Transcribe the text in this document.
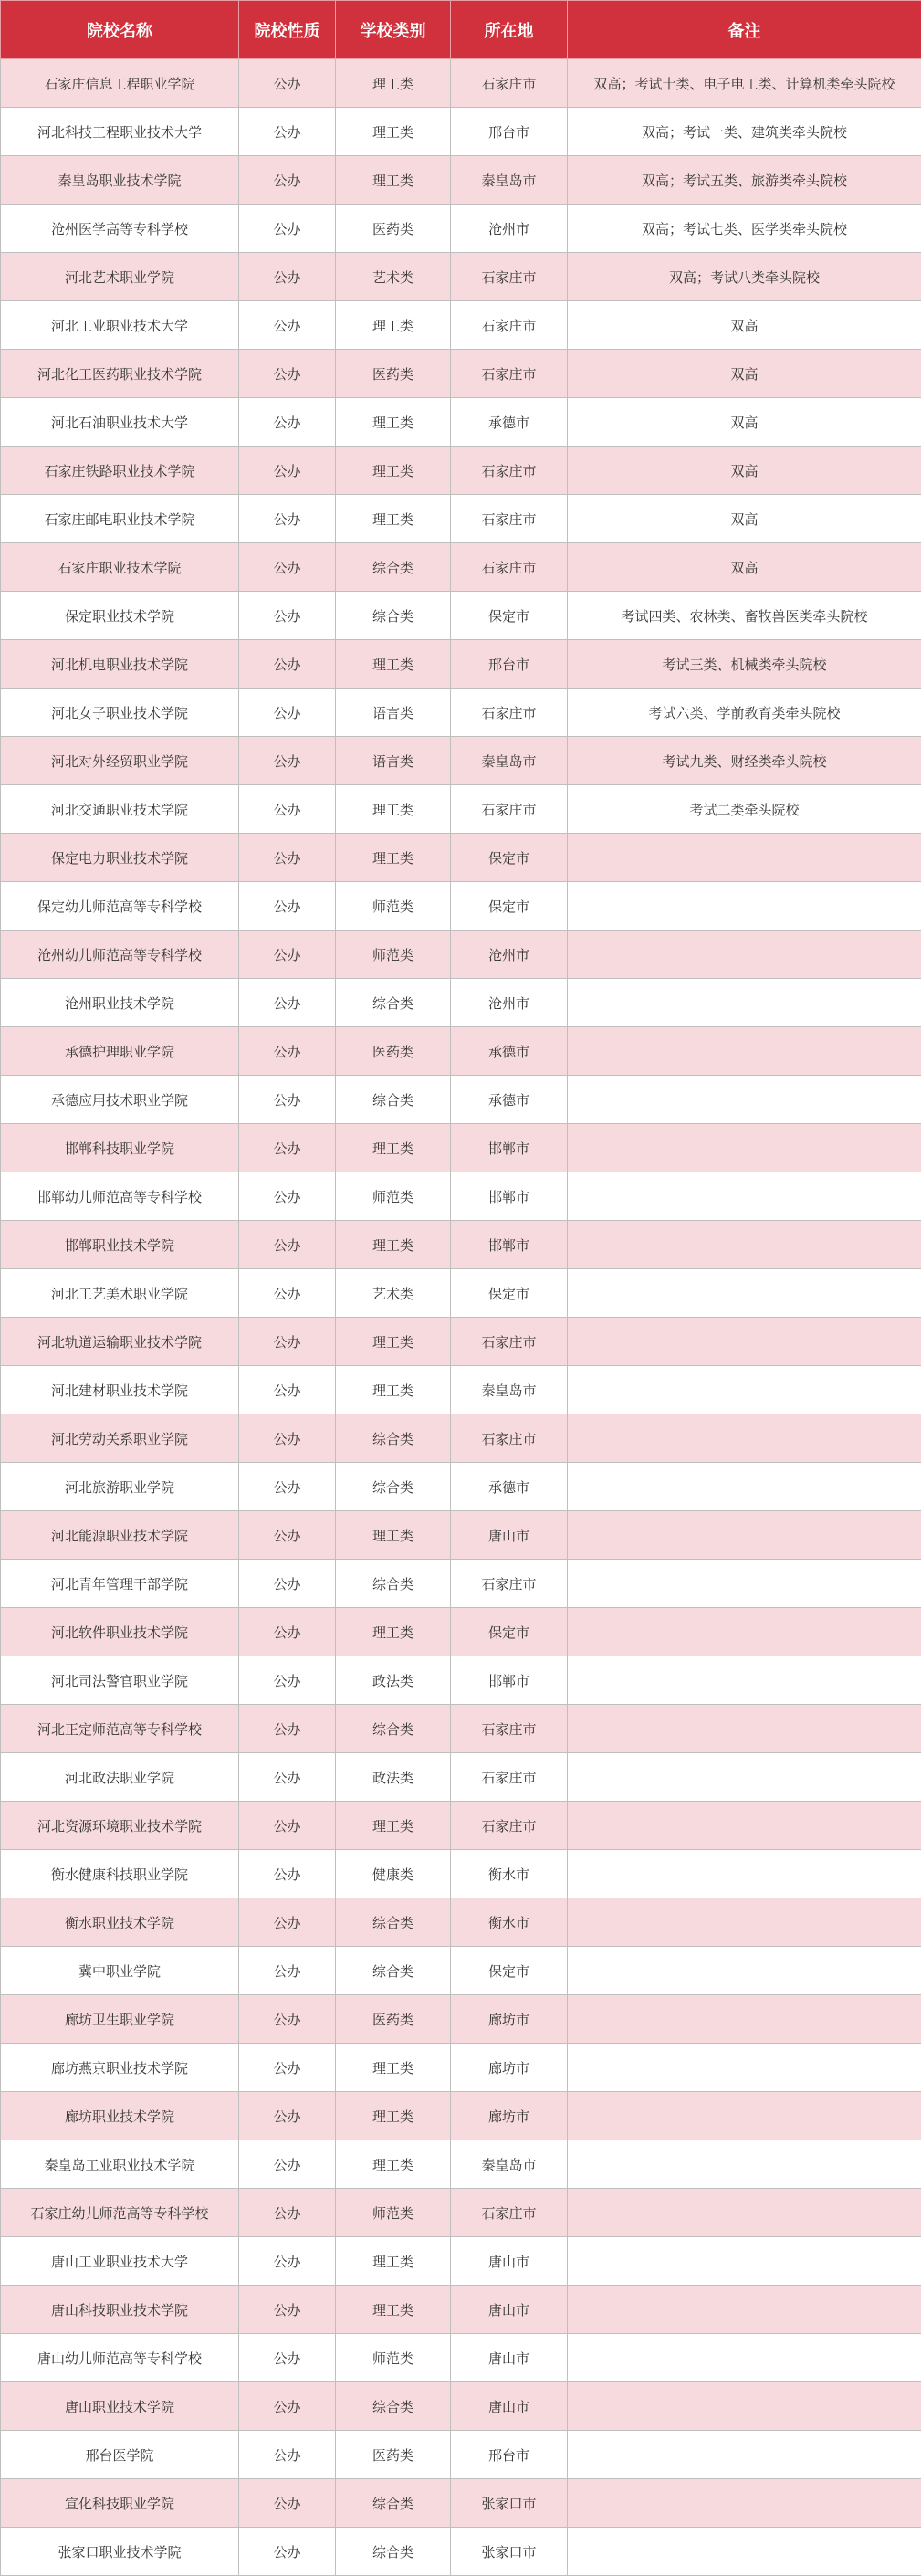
院校名称	院校性质	学校类别	所在地	备注
石家庄信息工程职业学院	公办	理工类	石家庄市	双高；考试十类、电子电工类、计算机类牵头院校
河北科技工程职业技术大学	公办	理工类	邢台市	双高；考试一类、建筑类牵头院校
秦皇岛职业技术学院	公办	理工类	秦皇岛市	双高；考试五类、旅游类牵头院校
沧州医学高等专科学校	公办	医药类	沧州市	双高；考试七类、医学类牵头院校
河北艺术职业学院	公办	艺术类	石家庄市	双高；考试八类牵头院校
河北工业职业技术大学	公办	理工类	石家庄市	双高
河北化工医药职业技术学院	公办	医药类	石家庄市	双高
河北石油职业技术大学	公办	理工类	承德市	双高
石家庄铁路职业技术学院	公办	理工类	石家庄市	双高
石家庄邮电职业技术学院	公办	理工类	石家庄市	双高
石家庄职业技术学院	公办	综合类	石家庄市	双高
保定职业技术学院	公办	综合类	保定市	考试四类、农林类、畜牧兽医类牵头院校
河北机电职业技术学院	公办	理工类	邢台市	考试三类、机械类牵头院校
河北女子职业技术学院	公办	语言类	石家庄市	考试六类、学前教育类牵头院校
河北对外经贸职业学院	公办	语言类	秦皇岛市	考试九类、财经类牵头院校
河北交通职业技术学院	公办	理工类	石家庄市	考试二类牵头院校
保定电力职业技术学院	公办	理工类	保定市	
保定幼儿师范高等专科学校	公办	师范类	保定市	
沧州幼儿师范高等专科学校	公办	师范类	沧州市	
沧州职业技术学院	公办	综合类	沧州市	
承德护理职业学院	公办	医药类	承德市	
承德应用技术职业学院	公办	综合类	承德市	
邯郸科技职业学院	公办	理工类	邯郸市	
邯郸幼儿师范高等专科学校	公办	师范类	邯郸市	
邯郸职业技术学院	公办	理工类	邯郸市	
河北工艺美术职业学院	公办	艺术类	保定市	
河北轨道运输职业技术学院	公办	理工类	石家庄市	
河北建材职业技术学院	公办	理工类	秦皇岛市	
河北劳动关系职业学院	公办	综合类	石家庄市	
河北旅游职业学院	公办	综合类	承德市	
河北能源职业技术学院	公办	理工类	唐山市	
河北青年管理干部学院	公办	综合类	石家庄市	
河北软件职业技术学院	公办	理工类	保定市	
河北司法警官职业学院	公办	政法类	邯郸市	
河北正定师范高等专科学校	公办	综合类	石家庄市	
河北政法职业学院	公办	政法类	石家庄市	
河北资源环境职业技术学院	公办	理工类	石家庄市	
衡水健康科技职业学院	公办	健康类	衡水市	
衡水职业技术学院	公办	综合类	衡水市	
冀中职业学院	公办	综合类	保定市	
廊坊卫生职业学院	公办	医药类	廊坊市	
廊坊燕京职业技术学院	公办	理工类	廊坊市	
廊坊职业技术学院	公办	理工类	廊坊市	
秦皇岛工业职业技术学院	公办	理工类	秦皇岛市	
石家庄幼儿师范高等专科学校	公办	师范类	石家庄市	
唐山工业职业技术大学	公办	理工类	唐山市	
唐山科技职业技术学院	公办	理工类	唐山市	
唐山幼儿师范高等专科学校	公办	师范类	唐山市	
唐山职业技术学院	公办	综合类	唐山市	
邢台医学院	公办	医药类	邢台市	
宣化科技职业学院	公办	综合类	张家口市	
张家口职业技术学院	公办	综合类	张家口市	
